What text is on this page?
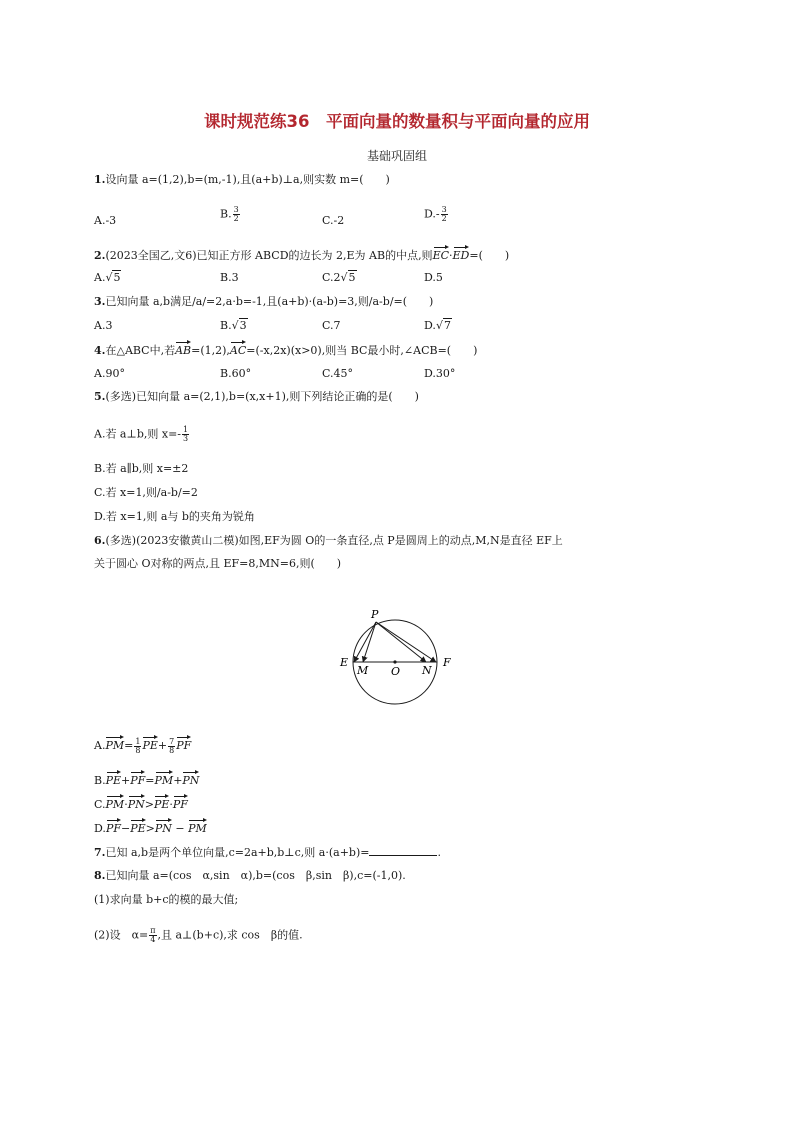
课时规范练36　平面向量的数量积与平面向量的应用
基础巩固组
1.设向量 a=(1,2),b=(m,-1),且(a+b)⊥a,则实数 m=(　　)
A.-3	B. $\frac{3}{2}$	C.-2	$D.- \frac{3}{2}$
2.(2023全国乙,文6)已知正方形 ABCD的边长为 2,E为 AB的中点,则EC·ED=(　　)
A.√5	B.3	C.2√5	D.5
3.已知向量 a,b满足/a/=2,a·b=-1,且(a+b)·(a-b)=3,则/a-b/=(　　)
A.3	B.√3	C.7	D.√7
4.在△ABC中,若AB=(1,2),AC=(-x,2x)(x>0),则当 BC最小时,∠ACB=(　　)
A.90°	B.60°	C.45°	D.30°
5.(多选)已知向量 a=(2,1),b=(x,x+1),则下列结论正确的是(　　)
A.若 a⊥b,则 $x=- \frac{1}{3}$
B.若 a∥b,则 x=±2
C.若 x=1,则/a-b/=2
D.若 x=1,则 a与 b的夹角为锐角
6.(多选)(2023安徽黄山二模)如图,EF为圆 O的一条直径,点 P是圆周上的动点,M,N是直径 EF上
关于圆心 O对称的两点,且 EF=8,MN=6,则(　　)
P
E
M O N
F
$A.PM= \frac{1}{8} PE+ \frac{7}{8}$ PF
B.PE+PF=PM+PN
C.PM·PN>PE·PF
D.PF−PE>PN − PM
7.已知 a,b是两个单位向量,c=2a+b,b⊥c,则 a·(a+b)=	.
8.已知向量 a=(cos　α,sin　α),b=(cos　β,sin　β),c=(-1,0).
(1)求向量 b+c的模的最大值;
(2)设　$\alpha= \frac{\pi}{4}$ ,且 a⊥(b+c),求 cos　β的值.
